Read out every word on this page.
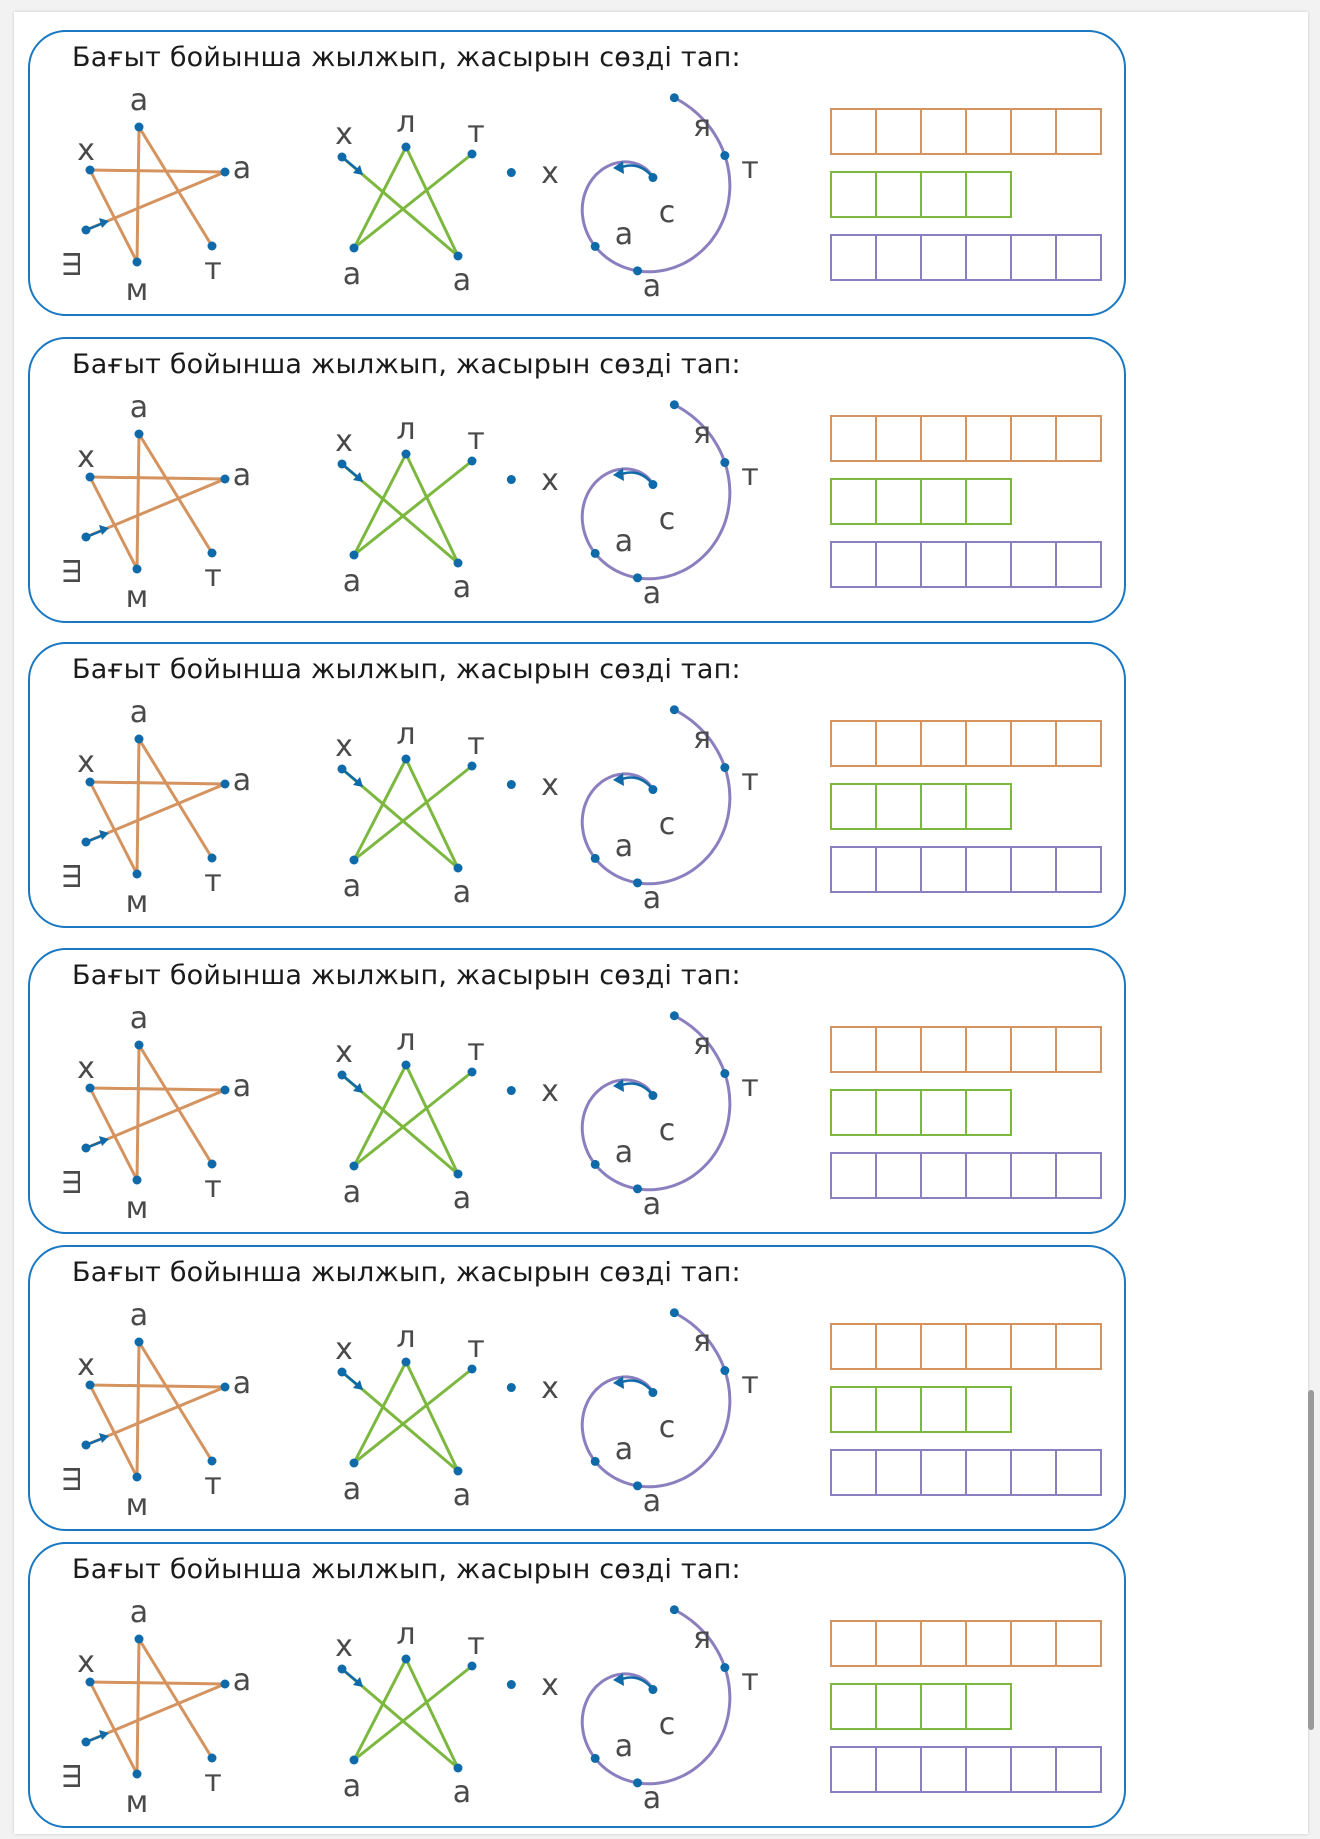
Бағыт бойынша жылжып, жасырын сөзді тап:
а
х
а
т
м
ш
х л т
а	а
я
х	т
с
а
а
Бағыт бойынша жылжып, жасырын сөзді тап:
а
х
а
т
м
ш
х л т
а	а
я
х	т
с
а
а
Бағыт бойынша жылжып, жасырын сөзді тап:
а
х
а
т
м
ш
х л т
а	а
я
х	т
с
а
а
Бағыт бойынша жылжып, жасырын сөзді тап:
а
х
а
т
м
ш
х л т
а	а
я
х	т
с
а
а
Бағыт бойынша жылжып, жасырын сөзді тап:
а
х
а
т
м
ш
х л т
а	а
я
х	т
с
а
а
Бағыт бойынша жылжып, жасырын сөзді тап:
а
х
а
т
м
ш
х л т
а	а
я
х	т
с
а
а
